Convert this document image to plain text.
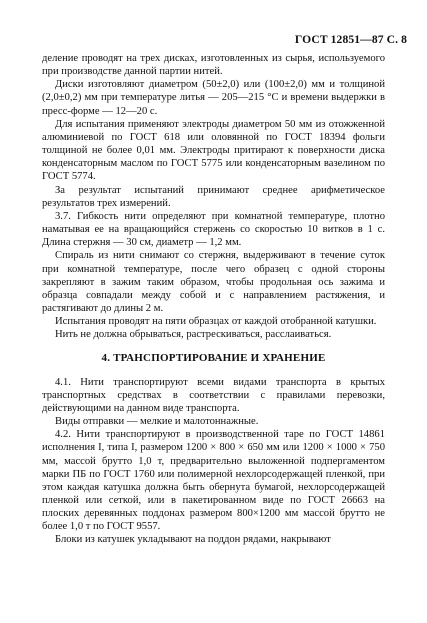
ГОСТ 12851—87 С. 8

деление проводят на трех дисках, изготовленных из сырья, используемого при производстве данной партии нитей.

Диски изготовляют диаметром (50±2,0) или (100±2,0) мм и толщиной (2,0±0,2) мм при температуре литья — 205—215 °С и времени выдержки в пресс-форме — 12—20 с.

Для испытания применяют электроды диаметром 50 мм из отожженной алюминиевой по ГОСТ 618 или оловянной по ГОСТ 18394 фольги толщиной не более 0,01 мм. Электроды притирают к поверхности диска конденсаторным маслом по ГОСТ 5775 или конденсаторным вазелином по ГОСТ 5774.

За результат испытаний принимают среднее арифметическое результатов трех измерений.

3.7. Гибкость нити определяют при комнатной температуре, плотно наматывая ее на вращающийся стержень со скоростью 10 витков в 1 с. Длина стержня — 30 см, диаметр — 1,2 мм.

Спираль из нити снимают со стержня, выдерживают в течение суток при комнатной температуре, после чего образец с одной стороны закрепляют в зажим таким образом, чтобы продольная ось зажима и образца совпадали между собой и с направлением растяжения, и растягивают до длины 2 м.

Испытания проводят на пяти образцах от каждой отобранной катушки.

Нить не должна обрываться, растрескиваться, расслаиваться.

4. ТРАНСПОРТИРОВАНИЕ И ХРАНЕНИЕ

4.1. Нити транспортируют всеми видами транспорта в крытых транспортных средствах в соответствии с правилами перевозки, действующими на данном виде транспорта.

Виды отправки — мелкие и малотоннажные.

4.2. Нити транспортируют в производственной таре по ГОСТ 14861 исполнения I, типа I, размером 1200 × 800 × 650 мм или 1200 × 1000 × 750 мм, массой брутто 1,0 т, предварительно выложенной подпергаментом марки ПБ по ГОСТ 1760 или полимерной нехлорсодержащей пленкой, при этом каждая катушка должна быть обернута бумагой, нехлорсодержащей пленкой или сеткой, или в пакетированном виде по ГОСТ 26663 на плоских деревянных поддонах размером 800×1200 мм массой брутто не более 1,0 т по ГОСТ 9557.

Блоки из катушек укладывают на поддон рядами, накрывают
